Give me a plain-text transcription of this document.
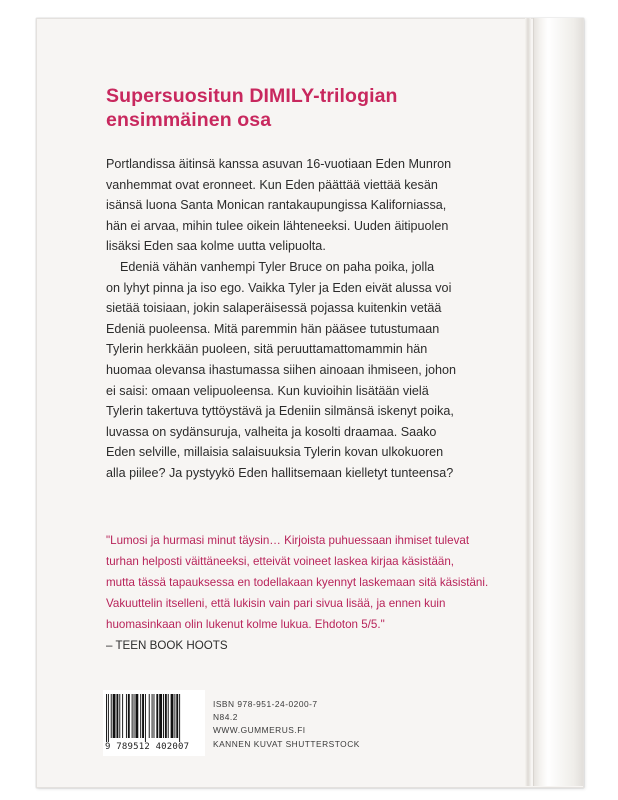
Supersuositun DIMILY-trilogian
ensimmäinen osa
Portlandissa äitinsä kanssa asuvan 16-vuotiaan Eden Munron
vanhemmat ovat eronneet. Kun Eden päättää viettää kesän
isänsä luona Santa Monican rantakaupungissa Kaliforniassa,
hän ei arvaa, mihin tulee oikein lähteneeksi. Uuden äitipuolen
lisäksi Eden saa kolme uutta velipuolta.
Edeniä vähän vanhempi Tyler Bruce on paha poika, jolla
on lyhyt pinna ja iso ego. Vaikka Tyler ja Eden eivät alussa voi
sietää toisiaan, jokin salaperäisessä pojassa kuitenkin vetää
Edeniä puoleensa. Mitä paremmin hän pääsee tutustumaan
Tylerin herkkään puoleen, sitä peruuttamattomammin hän
huomaa olevansa ihastumassa siihen ainoaan ihmiseen, johon
ei saisi: omaan velipuoleensa. Kun kuvioihin lisätään vielä
Tylerin takertuva tyttöystävä ja Edeniin silmänsä iskenyt poika,
luvassa on sydänsuruja, valheita ja kosolti draamaa. Saako
Eden selville, millaisia salaisuuksia Tylerin kovan ulkokuoren
alla piilee? Ja pystyykö Eden hallitsemaan kielletyt tunteensa?
"Lumosi ja hurmasi minut täysin… Kirjoista puhuessaan ihmiset tulevat
turhan helposti väittäneeksi, etteivät voineet laskea kirjaa käsistään,
mutta tässä tapauksessa en todellakaan kyennyt laskemaan sitä käsistäni.
Vakuuttelin itselleni, että lukisin vain pari sivua lisää, ja ennen kuin
huomasinkaan olin lukenut kolme lukua. Ehdoton 5/5."
– TEEN BOOK HOOTS
9 789512 402007
ISBN 978-951-24-0200-7
N84.2
WWW.GUMMERUS.FI
KANNEN KUVAT SHUTTERSTOCK
